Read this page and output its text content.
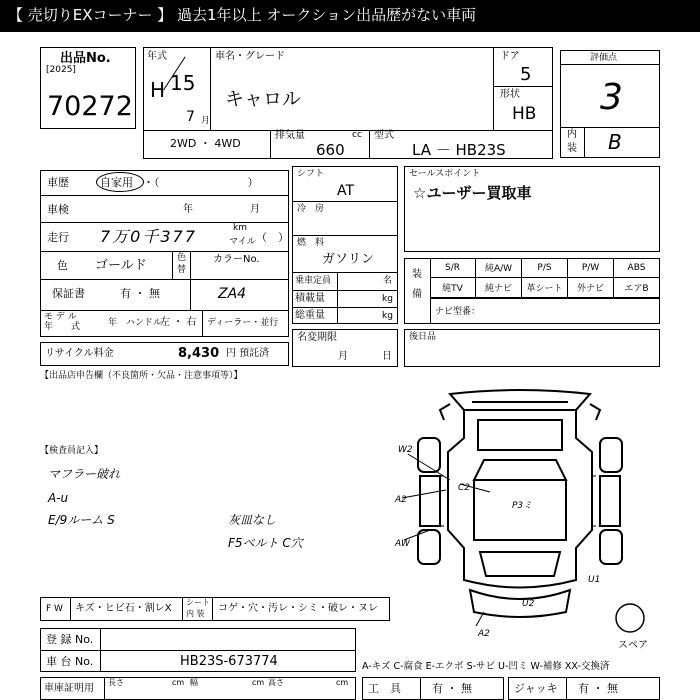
【 売切りEXコーナー 】 過去1年以上 オークション出品歴がない車両
出品No.
[2025]
70272
年式
H 15
7 月
車名・グレード
キャロル
ドア
5
形状
HB
2WD ・ 4WD
排気量	cc
660
型式
LA － HB23S
評価点
3
内
装 B
車歴	自家用 ・（　　　　　　　　）
車検	年	月
走行 7万0千377	km
マイル （　）
色 ゴールド	色
替
カラーNo.
保証書	有 ・ 無	ZA4
モ デ ル
年　　式	年 ハンドル
左 ・ 右 ディーラー・並行
シフト
AT
冷　房
燃　料
ガソリン
乗車定員	名
積載量	kg
総重量	kg
名変期限
月	日
セールスポイント
☆ユーザー買取車
装
備
ナビ型番：
後日品
リサイクル料金	8,430 円 預託済
【出品店申告欄（不良箇所・欠品・注意事項等）】
【検査員記入】
マフラー破れ
A-u
E/9ルーム S	灰皿なし
F5ベルト C穴
F W キズ・ヒビ石・割レX
シート
内 装 コゲ・穴・汚レ・シミ・破レ・ヌレ
登 録 No.
車 台 No.	HB23S-673774
車庫証明用
長さ	cm 幅	cm 高さ	cm
A-キズ C-腐食 E-エクボ S-サビ U-凹ミ W-補修 XX-交換済
スペア
工　具	有 ・ 無	ジャッキ 有 ・ 無
W2
A2
AW
C2
P3ミ
U1
U2
A2
S/R	純A/W	P/S	P/W	ABS
純TV	純ナビ	革シート	外ナビ	エアB
